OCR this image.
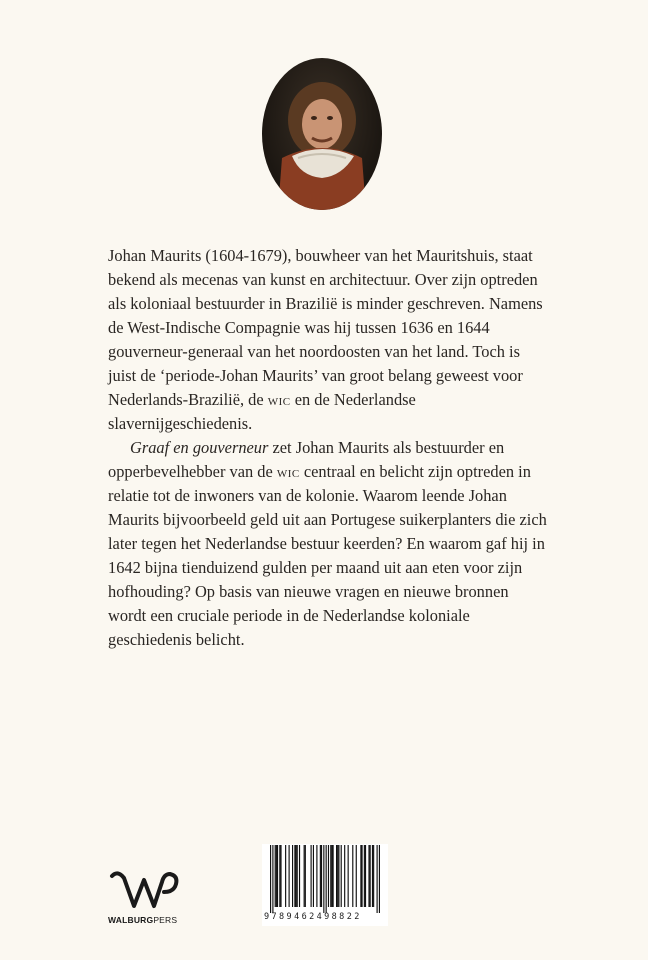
Johan Maurits (1604-1679), bouwheer van het Mauritshuis, staat bekend als mecenas van kunst en architectuur. Over zijn optreden als koloniaal bestuurder in Brazilië is minder geschreven. Namens de West-Indische Compagnie was hij tussen 1636 en 1644 gouverneur-generaal van het noordoosten van het land. Toch is juist de ‘periode-Johan Maurits’ van groot belang geweest voor Nederlands-Brazilië, de wic en de Nederlandse slavernijgeschiedenis.

Graaf en gouverneur zet Johan Maurits als bestuurder en opperbevelhebber van de wic centraal en belicht zijn optreden in relatie tot de inwoners van de kolonie. Waarom leende Johan Maurits bijvoorbeeld geld uit aan Portugese suikerplanters die zich later tegen het Nederlandse bestuur keerden? En waarom gaf hij in 1642 bijna tienduizend gulden per maand uit aan eten voor zijn hofhouding? Op basis van nieuwe vragen en nieuwe bronnen wordt een cruciale periode in de Nederlandse koloniale geschiedenis belicht.

WALBURGPERS	9789462498822
